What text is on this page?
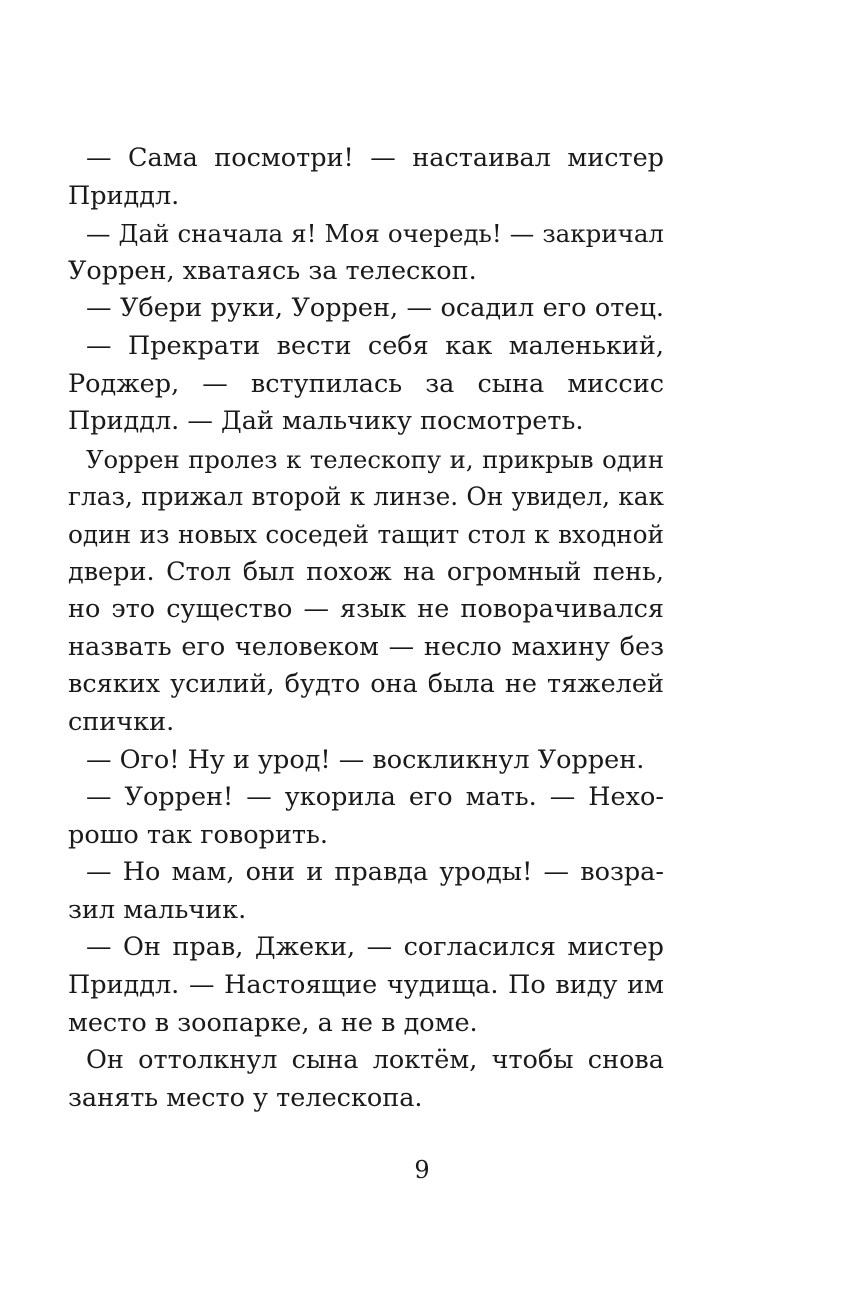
— Сама посмотри! — настаивал мистер
Приддл.
— Дай сначала я! Моя очередь! — закричал
Уоррен, хватаясь за телескоп.
— Убери руки, Уоррен, — осадил его отец.
— Прекрати вести себя как маленький,
Роджер, — вступилась за сына миссис
Приддл. — Дай мальчику посмотреть.
Уоррен пролез к телескопу и, прикрыв один
глаз, прижал второй к линзе. Он увидел, как
один из новых соседей тащит стол к входной
двери. Стол был похож на огромный пень,
но это существо — язык не поворачивался
назвать его человеком — несло махину без
всяких усилий, будто она была не тяжелей
спички.
— Ого! Ну и урод! — воскликнул Уоррен.
— Уоррен! — укорила его мать. — Нехо-
рошо так говорить.
— Но мам, они и правда уроды! — возра-
зил мальчик.
— Он прав, Джеки, — согласился мистер
Приддл. — Настоящие чудища. По виду им
место в зоопарке, а не в доме.
Он оттолкнул сына локтём, чтобы снова
занять место у телескопа.
9
